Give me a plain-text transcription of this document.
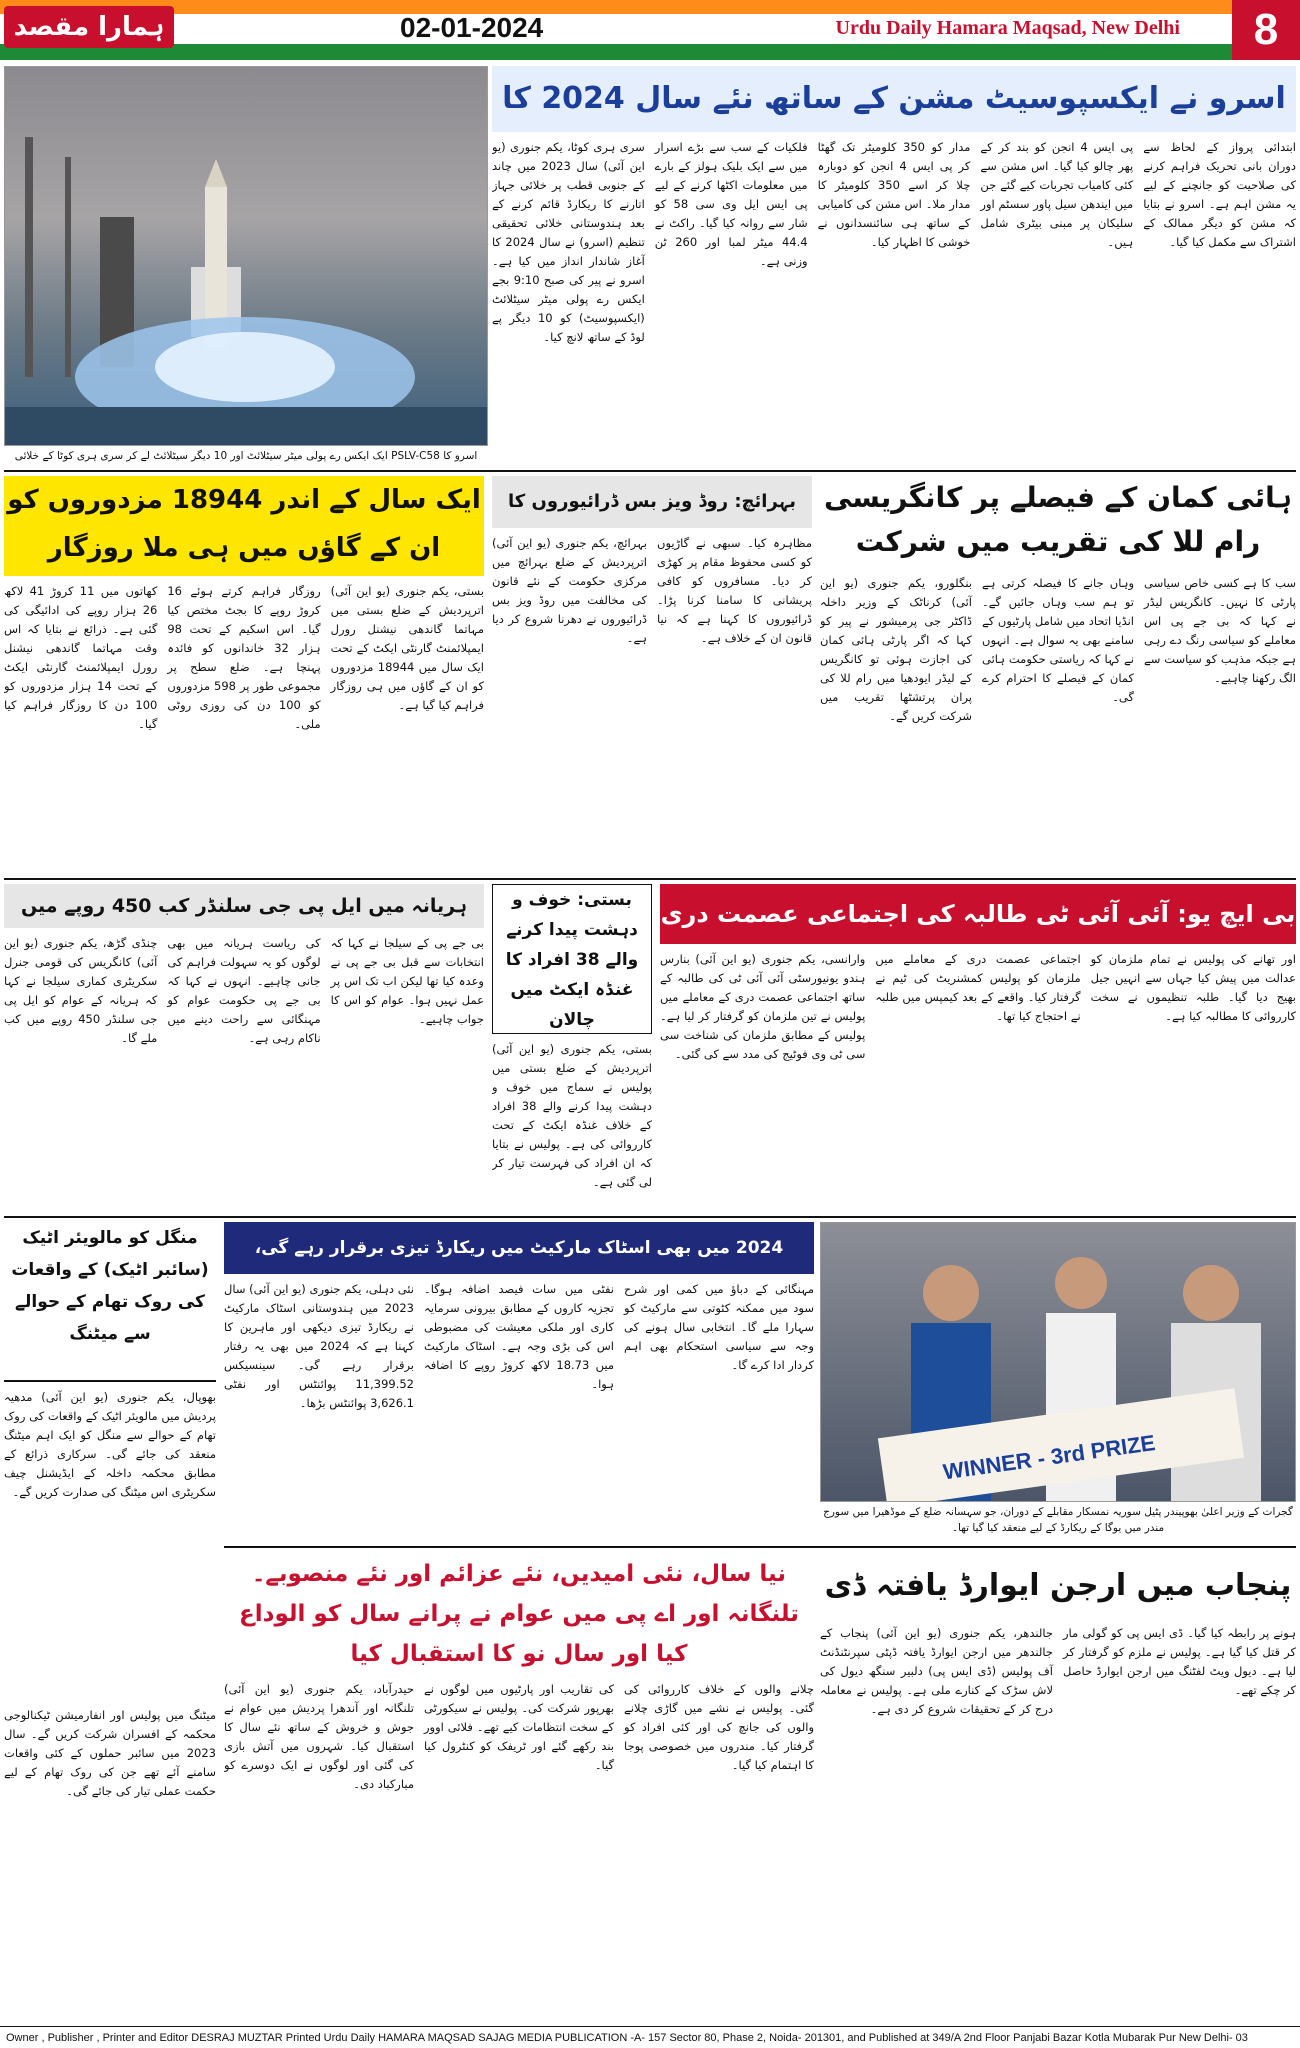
ہمارا مقصد	02-01-2024	Urdu Daily Hamara Maqsad, New Delhi	8
اسرو کا PSLV-C58 ایک ایکس رے پولی میٹر سیٹلائٹ اور 10 دیگر سیٹلائٹ لے کر سری ہری کوٹا کے خلائی
اسرو نے ایکسپوسیٹ مشن کے ساتھ نئے سال 2024 کا

سری ہری کوٹا، یکم جنوری (یو این آئی) سال 2023 میں چاند کے جنوبی قطب پر خلائی جہاز اتارنے کا ریکارڈ قائم کرنے کے بعد ہندوستانی خلائی تحقیقی تنظیم (اسرو) نے سال 2024 کا آغاز شاندار انداز میں کیا ہے۔ اسرو نے پیر کی صبح 9:10 بجے ایکس رے پولی میٹر سیٹلائٹ (ایکسپوسیٹ) کو 10 دیگر پے لوڈ کے ساتھ لانچ کیا۔

فلکیات کے سب سے بڑے اسرار میں سے ایک بلیک ہولز کے بارے میں معلومات اکٹھا کرنے کے لیے پی ایس ایل وی سی 58 کو شار سے روانہ کیا گیا۔ راکٹ نے 44.4 میٹر لمبا اور 260 ٹن وزنی ہے۔

مدار کو 350 کلومیٹر تک گھٹا کر پی ایس 4 انجن کو دوبارہ چلا کر اسے 350 کلومیٹر کا مدار ملا۔ اس مشن کی کامیابی کے ساتھ ہی سائنسدانوں نے خوشی کا اظہار کیا۔

پی ایس 4 انجن کو بند کر کے پھر چالو کیا گیا۔ اس مشن سے کئی کامیاب تجربات کیے گئے جن میں ایندھن سیل پاور سسٹم اور سلیکان پر مبنی بیٹری شامل ہیں۔

ابتدائی پرواز کے لحاظ سے دوران بانی تحریک فراہم کرنے کی صلاحیت کو جانچنے کے لیے یہ مشن اہم ہے۔ اسرو نے بتایا کہ مشن کو دیگر ممالک کے اشتراک سے مکمل کیا گیا۔

ہائی کمان کے فیصلے پر کانگریسی رام للا کی تقریب میں شرکت

بنگلورو، یکم جنوری (یو این آئی) کرناٹک کے وزیر داخلہ ڈاکٹر جی پرمیشور نے پیر کو کہا کہ اگر پارٹی ہائی کمان کی اجازت ہوئی تو کانگریس کے لیڈر ایودھیا میں رام للا کی پران پرتشٹھا تقریب میں شرکت کریں گے۔

وہاں جانے کا فیصلہ کرتی ہے تو ہم سب وہاں جائیں گے۔ انڈیا اتحاد میں شامل پارٹیوں کے سامنے بھی یہ سوال ہے۔ انہوں نے کہا کہ ریاستی حکومت ہائی کمان کے فیصلے کا احترام کرے گی۔

سب کا ہے کسی خاص سیاسی پارٹی کا نہیں۔ کانگریس لیڈر نے کہا کہ بی جے پی اس معاملے کو سیاسی رنگ دے رہی ہے جبکہ مذہب کو سیاست سے الگ رکھنا چاہیے۔

بہرائچ: روڈ ویز بس ڈرائیوروں کا

بہرائچ، یکم جنوری (یو این آئی) اترپردیش کے ضلع بہرائچ میں مرکزی حکومت کے نئے قانون کی مخالفت میں روڈ ویز بس ڈرائیوروں نے دھرنا شروع کر دیا ہے۔

مظاہرہ کیا۔ سبھی نے گاڑیوں کو کسی محفوظ مقام پر کھڑی کر دیا۔ مسافروں کو کافی پریشانی کا سامنا کرنا پڑا۔ ڈرائیوروں کا کہنا ہے کہ نیا قانون ان کے خلاف ہے۔

ایک سال کے اندر 18944 مزدوروں کو ان کے گاؤں میں ہی ملا روزگار

کھاتوں میں 11 کروڑ 41 لاکھ 26 ہزار روپے کی ادائیگی کی گئی ہے۔ ذرائع نے بتایا کہ اس وقت مہاتما گاندھی نیشنل رورل ایمپلائمنٹ گارنٹی ایکٹ کے تحت 14 ہزار مزدوروں کو 100 دن کا روزگار فراہم کیا گیا۔

روزگار فراہم کرتے ہوئے 16 کروڑ روپے کا بجٹ مختص کیا گیا۔ اس اسکیم کے تحت 98 ہزار 32 خاندانوں کو فائدہ پہنچا ہے۔ ضلع سطح پر مجموعی طور پر 598 مزدوروں کو 100 دن کی روزی روٹی ملی۔

بستی، یکم جنوری (یو این آئی) اترپردیش کے ضلع بستی میں مہاتما گاندھی نیشنل رورل ایمپلائمنٹ گارنٹی ایکٹ کے تحت ایک سال میں 18944 مزدوروں کو ان کے گاؤں میں ہی روزگار فراہم کیا گیا ہے۔

بی ایچ یو: آئی آئی ٹی طالبہ کی اجتماعی عصمت دری

وارانسی، یکم جنوری (یو این آئی) بنارس ہندو یونیورسٹی آئی آئی ٹی کی طالبہ کے ساتھ اجتماعی عصمت دری کے معاملے میں پولیس نے تین ملزمان کو گرفتار کر لیا ہے۔ پولیس کے مطابق ملزمان کی شناخت سی سی ٹی وی فوٹیج کی مدد سے کی گئی۔

اجتماعی عصمت دری کے معاملے میں ملزمان کو پولیس کمشنریٹ کی ٹیم نے گرفتار کیا۔ واقعے کے بعد کیمپس میں طلبہ نے احتجاج کیا تھا۔

اور تھانے کی پولیس نے تمام ملزمان کو عدالت میں پیش کیا جہاں سے انہیں جیل بھیج دیا گیا۔ طلبہ تنظیموں نے سخت کارروائی کا مطالبہ کیا ہے۔

بستی: خوف و دہشت پیدا کرنے والے 38 افراد کا غنڈہ ایکٹ میں چالان

بستی، یکم جنوری (یو این آئی) اترپردیش کے ضلع بستی میں پولیس نے سماج میں خوف و دہشت پیدا کرنے والے 38 افراد کے خلاف غنڈہ ایکٹ کے تحت کارروائی کی ہے۔ پولیس نے بتایا کہ ان افراد کی فہرست تیار کر لی گئی ہے۔

ہریانہ میں ایل پی جی سلنڈر کب 450 روپے میں

چنڈی گڑھ، یکم جنوری (یو این آئی) کانگریس کی قومی جنرل سکریٹری کماری سیلجا نے کہا کہ ہریانہ کے عوام کو ایل پی جی سلنڈر 450 روپے میں کب ملے گا۔

کی ریاست ہریانہ میں بھی لوگوں کو یہ سہولت فراہم کی جانی چاہیے۔ انہوں نے کہا کہ بی جے پی حکومت عوام کو مہنگائی سے راحت دینے میں ناکام رہی ہے۔

بی جے پی کے سیلجا نے کہا کہ انتخابات سے قبل بی جے پی نے وعدہ کیا تھا لیکن اب تک اس پر عمل نہیں ہوا۔ عوام کو اس کا جواب چاہیے۔

WINNER - 3rd PRIZE
گجرات کے وزیر اعلیٰ بھوپیندر پٹیل سوریہ نمسکار مقابلے کے دوران، جو سہسانہ ضلع کے موڈھیرا میں سورج مندر میں یوگا کے ریکارڈ کے لیے منعقد کیا گیا تھا۔
2024 میں بھی اسٹاک مارکیٹ میں ریکارڈ تیزی برقرار رہے گی،

نئی دہلی، یکم جنوری (یو این آئی) سال 2023 میں ہندوستانی اسٹاک مارکیٹ نے ریکارڈ تیزی دیکھی اور ماہرین کا کہنا ہے کہ 2024 میں بھی یہ رفتار برقرار رہے گی۔ سینسیکس 11,399.52 پوائنٹس اور نفٹی 3,626.1 پوائنٹس بڑھا۔

نفٹی میں سات فیصد اضافہ ہوگا۔ تجزیہ کاروں کے مطابق بیرونی سرمایہ کاری اور ملکی معیشت کی مضبوطی اس کی بڑی وجہ ہے۔ اسٹاک مارکیٹ میں 18.73 لاکھ کروڑ روپے کا اضافہ ہوا۔

مہنگائی کے دباؤ میں کمی اور شرح سود میں ممکنہ کٹوتی سے مارکیٹ کو سہارا ملے گا۔ انتخابی سال ہونے کی وجہ سے سیاسی استحکام بھی اہم کردار ادا کرے گا۔

منگل کو مالویئر اٹیک (سائبر اٹیک) کے واقعات کی روک تھام کے حوالے سے میٹنگ

بھوپال، یکم جنوری (یو این آئی) مدھیہ پردیش میں مالویئر اٹیک کے واقعات کی روک تھام کے حوالے سے منگل کو ایک اہم میٹنگ منعقد کی جائے گی۔ سرکاری ذرائع کے مطابق محکمہ داخلہ کے ایڈیشنل چیف سکریٹری اس میٹنگ کی صدارت کریں گے۔

میٹنگ میں پولیس اور انفارمیشن ٹیکنالوجی محکمہ کے افسران شرکت کریں گے۔ سال 2023 میں سائبر حملوں کے کئی واقعات سامنے آئے تھے جن کی روک تھام کے لیے حکمت عملی تیار کی جائے گی۔

پنجاب میں ارجن ایوارڈ یافتہ ڈی

جالندھر، یکم جنوری (یو این آئی) پنجاب کے جالندھر میں ارجن ایوارڈ یافتہ ڈپٹی سپرنٹنڈنٹ آف پولیس (ڈی ایس پی) دلبیر سنگھ دیول کی لاش سڑک کے کنارے ملی ہے۔ پولیس نے معاملہ درج کر کے تحقیقات شروع کر دی ہے۔

ہونے پر رابطہ کیا گیا۔ ڈی ایس پی کو گولی مار کر قتل کیا گیا ہے۔ پولیس نے ملزم کو گرفتار کر لیا ہے۔ دیول ویٹ لفٹنگ میں ارجن ایوارڈ حاصل کر چکے تھے۔

نیا سال، نئی امیدیں، نئے عزائم اور نئے منصوبے۔ تلنگانہ اور اے پی میں عوام نے پرانے سال کو الوداع کیا اور سال نو کا استقبال کیا

حیدرآباد، یکم جنوری (یو این آئی) تلنگانہ اور آندھرا پردیش میں عوام نے جوش و خروش کے ساتھ نئے سال کا استقبال کیا۔ شہروں میں آتش بازی کی گئی اور لوگوں نے ایک دوسرے کو مبارکباد دی۔

کی تقاریب اور پارٹیوں میں لوگوں نے بھرپور شرکت کی۔ پولیس نے سیکورٹی کے سخت انتظامات کیے تھے۔ فلائی اوور بند رکھے گئے اور ٹریفک کو کنٹرول کیا گیا۔

چلانے والوں کے خلاف کارروائی کی گئی۔ پولیس نے نشے میں گاڑی چلانے والوں کی جانچ کی اور کئی افراد کو گرفتار کیا۔ مندروں میں خصوصی پوجا کا اہتمام کیا گیا۔

Owner , Publisher , Printer and Editor DESRAJ MUZTAR Printed Urdu Daily HAMARA MAQSAD SAJAG MEDIA PUBLICATION -A- 157 Sector 80, Phase 2, Noida- 201301, and Published at 349/A 2nd Floor Panjabi Bazar Kotla Mubarak Pur New Delhi- 03
